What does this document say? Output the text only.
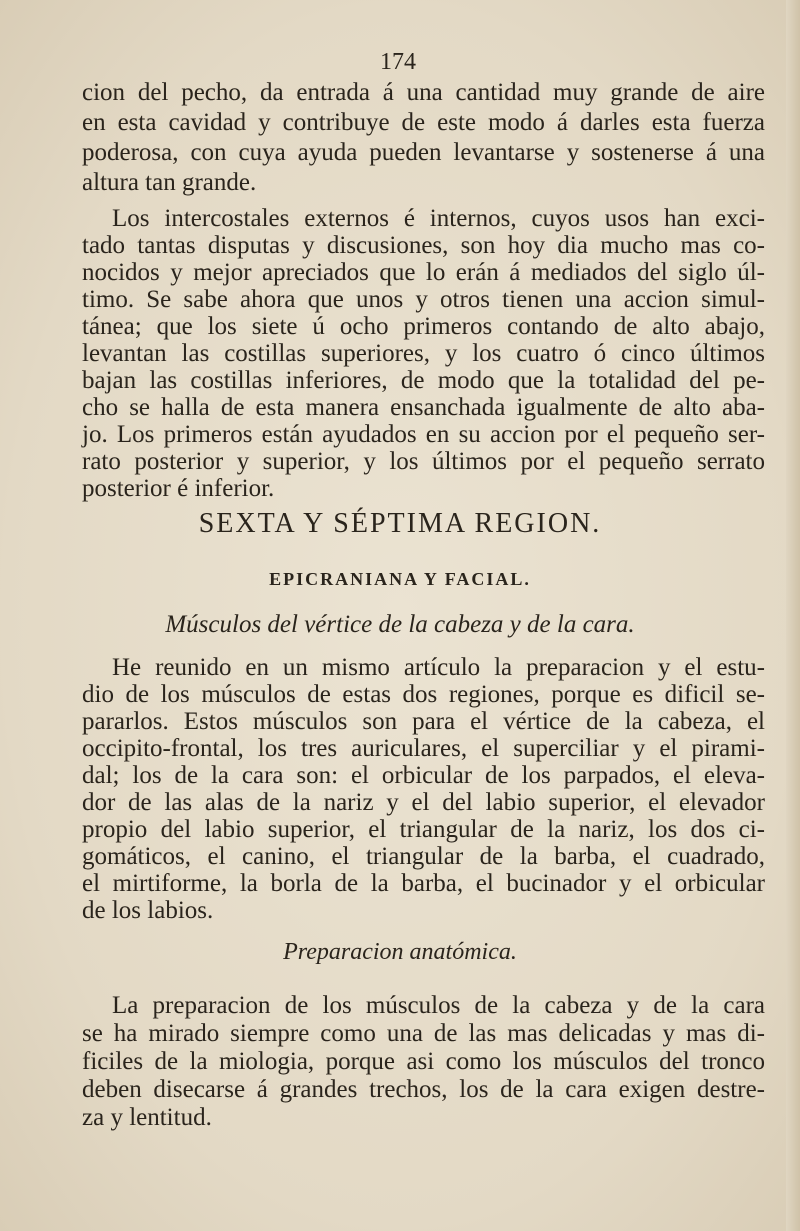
174
cion del pecho, da entrada á una cantidad muy grande de aire
en esta cavidad y contribuye de este modo á darles esta fuerza
poderosa, con cuya ayuda pueden levantarse y sostenerse á una
altura tan grande.
Los intercostales externos é internos, cuyos usos han exci-
tado tantas disputas y discusiones, son hoy dia mucho mas co-
nocidos y mejor apreciados que lo erán á mediados del siglo úl-
timo. Se sabe ahora que unos y otros tienen una accion simul-
tánea; que los siete ú ocho primeros contando de alto abajo,
levantan las costillas superiores, y los cuatro ó cinco últimos
bajan las costillas inferiores, de modo que la totalidad del pe-
cho se halla de esta manera ensanchada igualmente de alto aba-
jo. Los primeros están ayudados en su accion por el pequeño ser-
rato posterior y superior, y los últimos por el pequeño serrato
posterior é inferior.
He reunido en un mismo artículo la preparacion y el estu-
dio de los músculos de estas dos regiones, porque es dificil se-
pararlos. Estos músculos son para el vértice de la cabeza, el
occipito-frontal, los tres auriculares, el superciliar y el pirami-
dal; los de la cara son: el orbicular de los parpados, el eleva-
dor de las alas de la nariz y el del labio superior, el elevador
propio del labio superior, el triangular de la nariz, los dos ci-
gomáticos, el canino, el triangular de la barba, el cuadrado,
el mirtiforme, la borla de la barba, el bucinador y el orbicular
de los labios.
La preparacion de los músculos de la cabeza y de la cara
se ha mirado siempre como una de las mas delicadas y mas di-
ficiles de la miologia, porque asi como los músculos del tronco
deben disecarse á grandes trechos, los de la cara exigen destre-
za y lentitud.
SEXTA Y SÉPTIMA REGION.
EPICRANIANA Y FACIAL.
Músculos del vértice de la cabeza y de la cara.
Preparacion anatómica.
